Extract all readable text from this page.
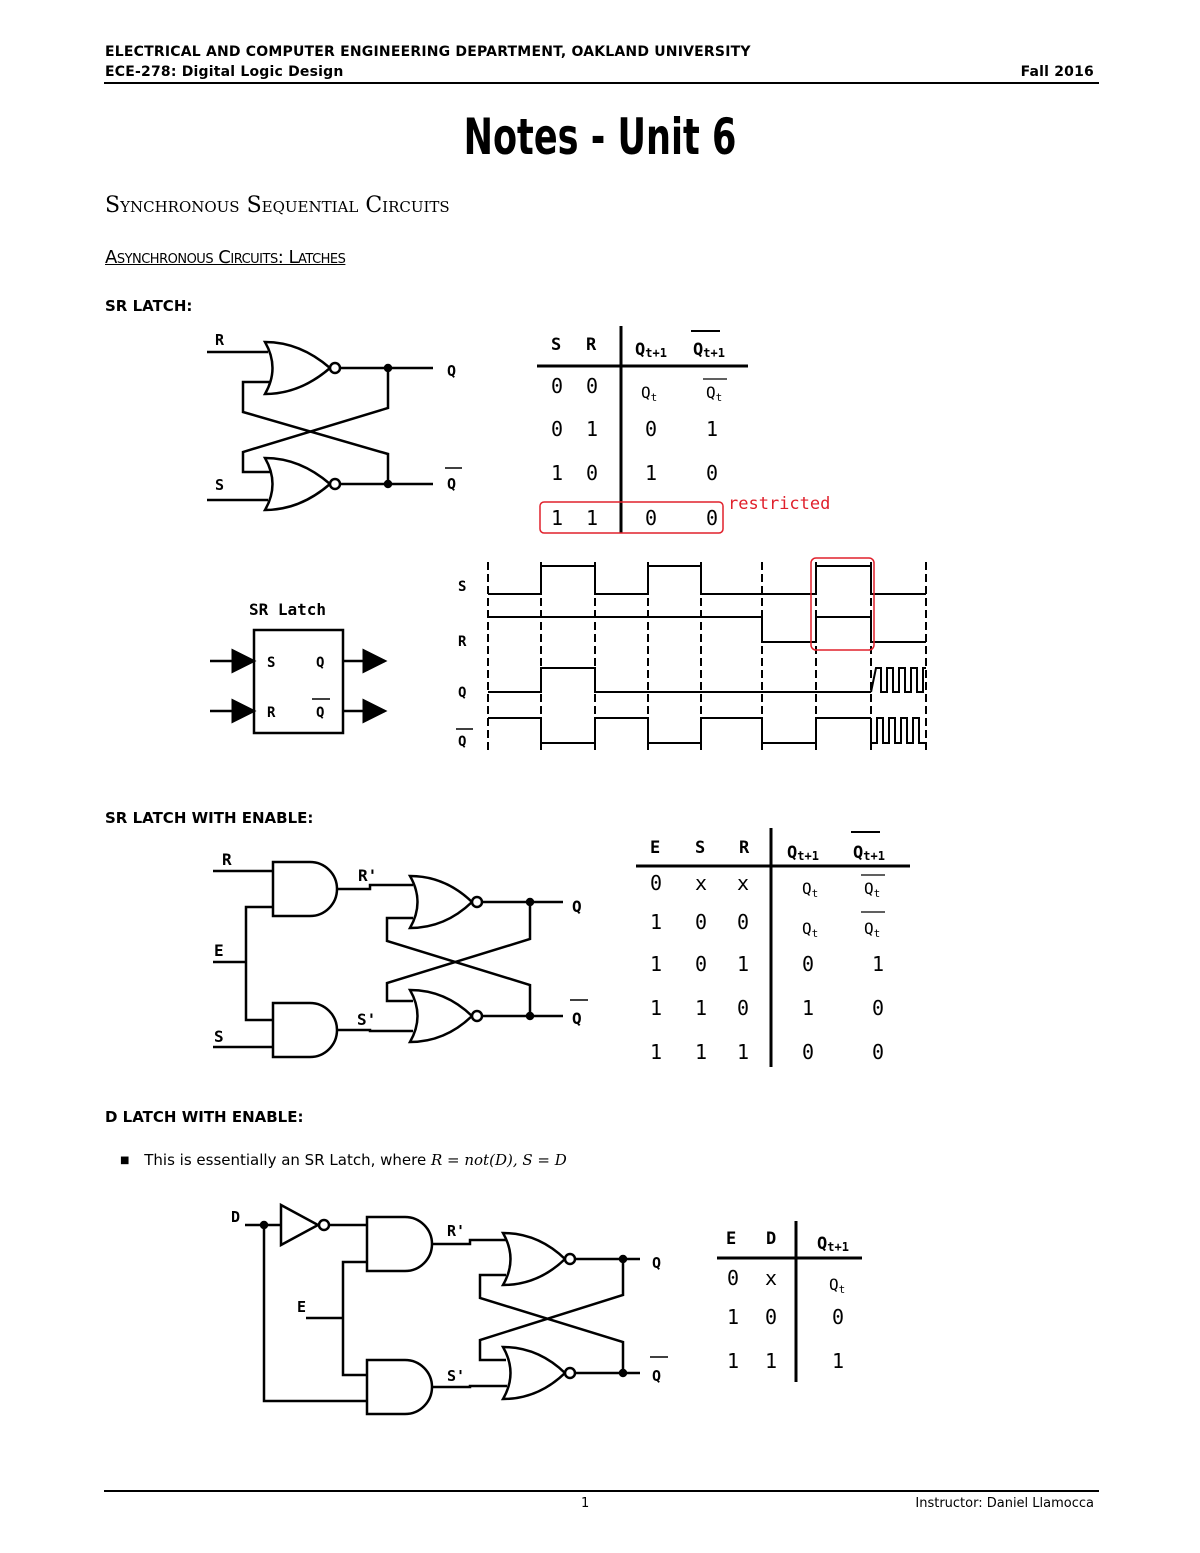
ELECTRICAL AND COMPUTER ENGINEERING DEPARTMENT, OAKLAND UNIVERSITY
ECE-278: Digital Logic Design	Fall 2016
Notes - Unit 6
Synchronous Sequential Circuits
Asynchronous Circuits: Latches
SR LATCH:
SR LATCH WITH ENABLE:
D LATCH WITH ENABLE:
■ This is essentially an SR Latch, where R = not(D), S = D
R
S
Q
Q
S R Qt+1 Qt+1
0 0	Qt	Qt
0 1 0 1
1 0 1 0
1 1 0 0
restricted
SR Latch
S
R
Q
Q
S
R
Q
Q
R
E
S
R'
S'
Q
Q
E S R Qt+1 Qt+1
0 x x	Qt	Qt
1 0 0	Qt	Qt
1 0 1	0	1
1 1 0	1	0
1 1 1	0	0
D
E
R'
S'
Q
Q
E D Qt+1
0 x	Qt
1 0	0
1 1	1
1	Instructor: Daniel Llamocca
